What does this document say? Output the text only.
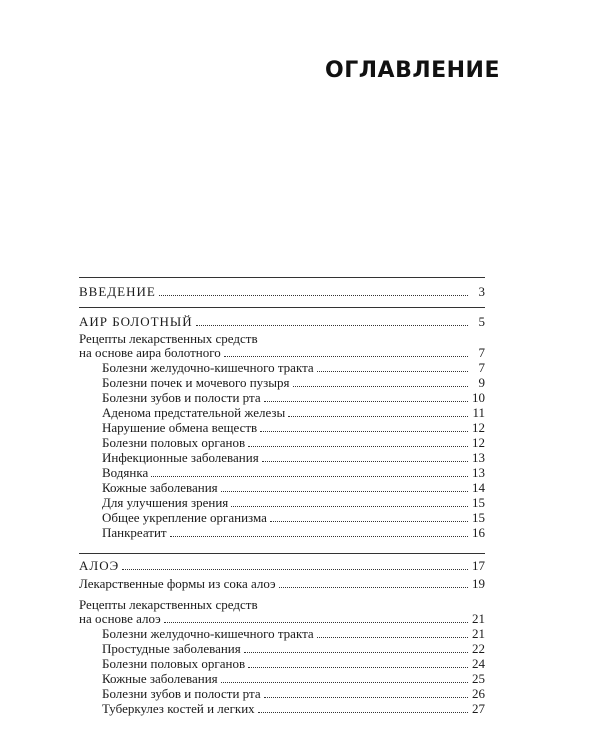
ОГЛАВЛЕНИЕ
ВВЕДЕНИЕ	3
АИР БОЛОТНЫЙ	5
Рецепты лекарственных средств
на основе аира болотного	7
Болезни желудочно-кишечного тракта	7
Болезни почек и мочевого пузыря	9
Болезни зубов и полости рта	10
Аденома предстательной железы	11
Нарушение обмена веществ	12
Болезни половых органов	12
Инфекционные заболевания	13
Водянка	13
Кожные заболевания	14
Для улучшения зрения	15
Общее укрепление организма	15
Панкреатит	16
АЛОЭ	17
Лекарственные формы из сока алоэ	19
Рецепты лекарственных средств
на основе алоэ	21
Болезни желудочно-кишечного тракта	21
Простудные заболевания	22
Болезни половых органов	24
Кожные заболевания	25
Болезни зубов и полости рта	26
Туберкулез костей и легких	27
